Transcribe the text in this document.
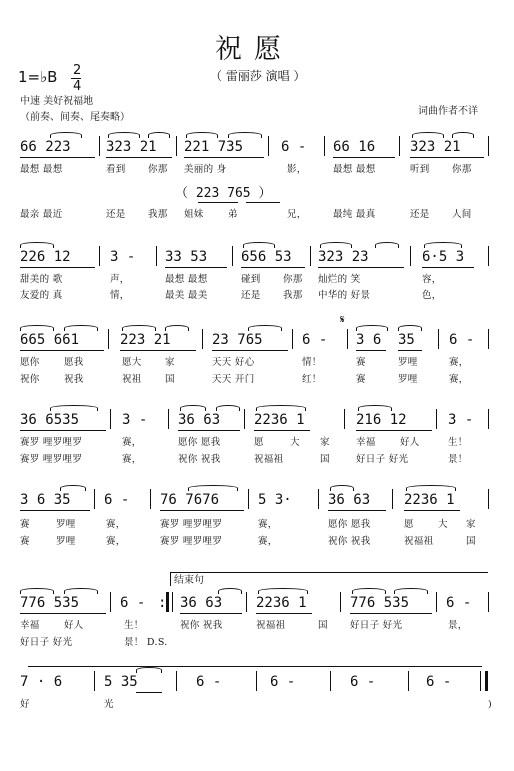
祝愿
（ 雷丽莎 演唱 ）
1=♭B 2
4
中速 美好祝福地
（前奏、间奏、尾奏略）
词曲作者不详
66 223	323 21 221 735	6 - 66 16 323 21
最想 最想	看到 你那 美丽的 身	影，	最想 最想	听到 你那
（ 223 765 ）
最亲 最近	还是 我那 姐妹	弟	兄，	最纯 最真	还是 人间
226 12	3 - 33 53 656 53 323 23	6·5 3
甜美的 歌	声，	最想 最想	碰到 你那 灿烂的 笑	容，
友爱的 真	情，	最美 最美	还是 我那 中华的 好景	色，
665 661	223 21	23 765	6 -
𝄋
3 6 35 6 -
愿你	愿我	愿大 家	天天 好心	情！	赛	罗哩	赛，
祝你	祝我	祝祖 国	天天 开门	红！	赛	罗哩	赛，
36 6535	3 - 36 63 2236 1	216 12	3 -
赛罗 哩罗哩罗	赛，	愿你 愿我	愿	大 家	幸福	好人	生！
赛罗 哩罗哩罗	赛，	祝你 祝我	祝福祖	国	好日子 好光	景！
3 6 35 6 - 76 7676	5 3·	36 63 2236 1
赛	罗哩	赛，	赛罗 哩罗哩罗	赛，	愿你 愿我	愿	大 家
赛	罗哩	赛，	赛罗 哩罗哩罗	赛，	祝你 祝我	祝福祖	国
结束句
776 535	6 - : 36 63 2236 1	776 535	6 -
幸福	好人	生！	祝你 祝我	祝福祖	国 好日子 好光	景，
好日子 好光	景！ D.S.
7 · 6	5 35	6 -	6 -	6 -	6 -
好	光	)
